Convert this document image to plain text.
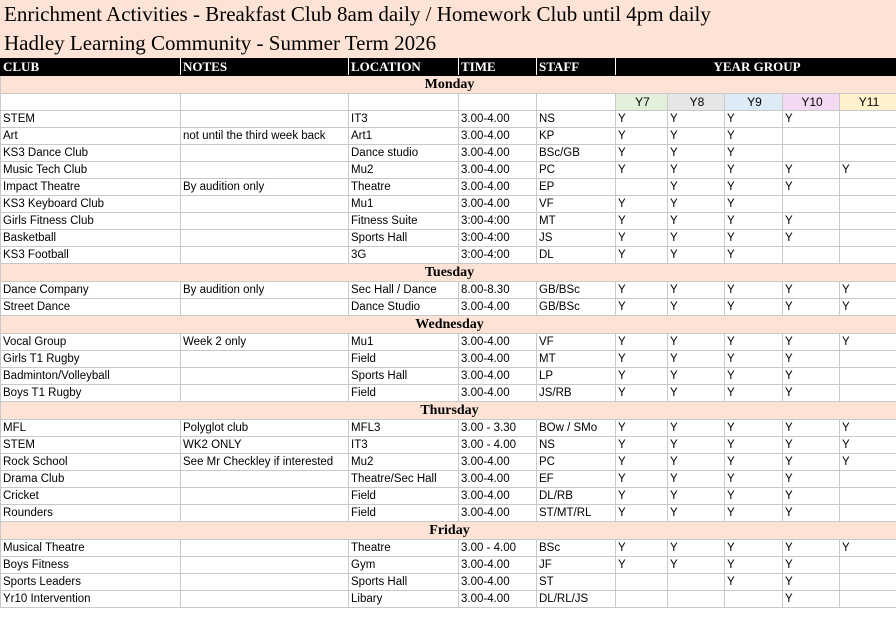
Enrichment Activities - Breakfast Club 8am daily / Homework Club until 4pm daily
Hadley Learning Community - Summer Term 2026
CLUB	NOTES	LOCATION	TIME	STAFF	YEAR GROUP				
Monday									
					Y7	Y8	Y9	Y10	Y11
STEM		IT3	3.00-4.00	NS	Y	Y	Y	Y	
Art	not until the third week back	Art1	3.00-4.00	KP	Y	Y	Y		
KS3 Dance Club		Dance studio	3.00-4.00	BSc/GB	Y	Y	Y		
Music Tech Club		Mu2	3.00-4.00	PC	Y	Y	Y	Y	Y
Impact Theatre	By audition only	Theatre	3.00-4.00	EP		Y	Y	Y	
KS3 Keyboard Club		Mu1	3.00-4.00	VF	Y	Y	Y		
Girls Fitness Club		Fitness Suite	3:00-4:00	MT	Y	Y	Y	Y	
Basketball		Sports Hall	3:00-4:00	JS	Y	Y	Y	Y	
KS3 Football		3G	3:00-4:00	DL	Y	Y	Y		
Tuesday									
Dance Company	By audition only	Sec Hall / Dance	8.00-8.30	GB/BSc	Y	Y	Y	Y	Y
Street Dance		Dance Studio	3.00-4.00	GB/BSc	Y	Y	Y	Y	Y
Wednesday									
Vocal Group	Week 2 only	Mu1	3.00-4.00	VF	Y	Y	Y	Y	Y
Girls T1 Rugby		Field	3.00-4.00	MT	Y	Y	Y	Y	
Badminton/Volleyball		Sports Hall	3.00-4.00	LP	Y	Y	Y	Y	
Boys T1 Rugby		Field	3.00-4.00	JS/RB	Y	Y	Y	Y	
Thursday									
MFL	Polyglot club	MFL3	3.00 - 3.30	BOw / SMo	Y	Y	Y	Y	Y
STEM	WK2 ONLY	IT3	3.00 - 4.00	NS	Y	Y	Y	Y	Y
Rock School	See Mr Checkley if interested	Mu2	3.00-4.00	PC	Y	Y	Y	Y	Y
Drama Club		Theatre/Sec Hall	3.00-4.00	EF	Y	Y	Y	Y	
Cricket		Field	3.00-4.00	DL/RB	Y	Y	Y	Y	
Rounders		Field	3.00-4.00	ST/MT/RL	Y	Y	Y	Y	
Friday									
Musical Theatre		Theatre	3.00 - 4.00	BSc	Y	Y	Y	Y	Y
Boys Fitness		Gym	3.00-4.00	JF	Y	Y	Y	Y	
Sports Leaders		Sports Hall	3.00-4.00	ST			Y	Y	
Yr10 Intervention		Libary	3.00-4.00	DL/RL/JS				Y	
